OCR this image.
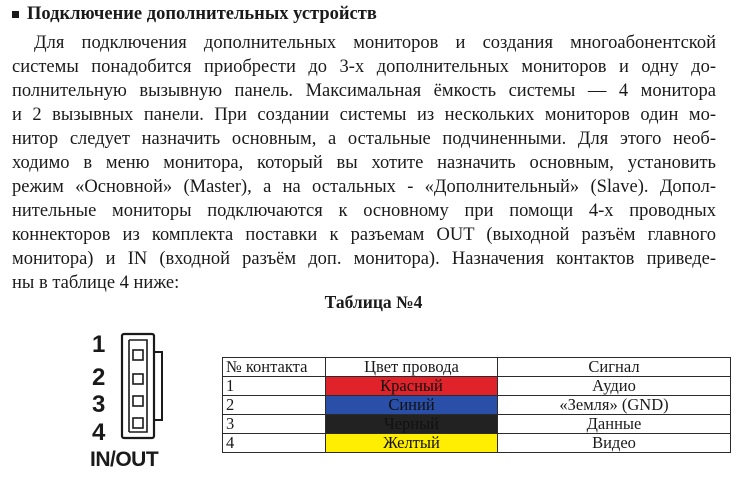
Подключение дополнительных устройств
Для подключения дополнительных мониторов и создания многоабонентской
системы понадобится приобрести до 3-х дополнительных мониторов и одну до-
полнительную вызывную панель. Максимальная ёмкость системы — 4 монитора
и 2 вызывных панели. При создании системы из нескольких мониторов один мо-
нитор следует назначить основным, а остальные подчиненными. Для этого необ-
ходимо в меню монитора, который вы хотите назначить основным, установить
режим «Основной» (Master), а на остальных - «Дополнительный» (Slave). Допол-
нительные мониторы подключаются к основному при помощи 4-х проводных
коннекторов из комплекта поставки к разъемам OUT (выходной разъём главного
монитора) и IN (входной разъём доп. монитора). Назначения контактов приведе-
ны в таблице 4 ниже:
Таблица №4
1
2
3
4
IN/OUT
№ контакта	Цвет провода	Сигнал
1	Красный	Аудио
2	Синий	«Земля» (GND)
3	Черный	Данные
4	Желтый	Видео
